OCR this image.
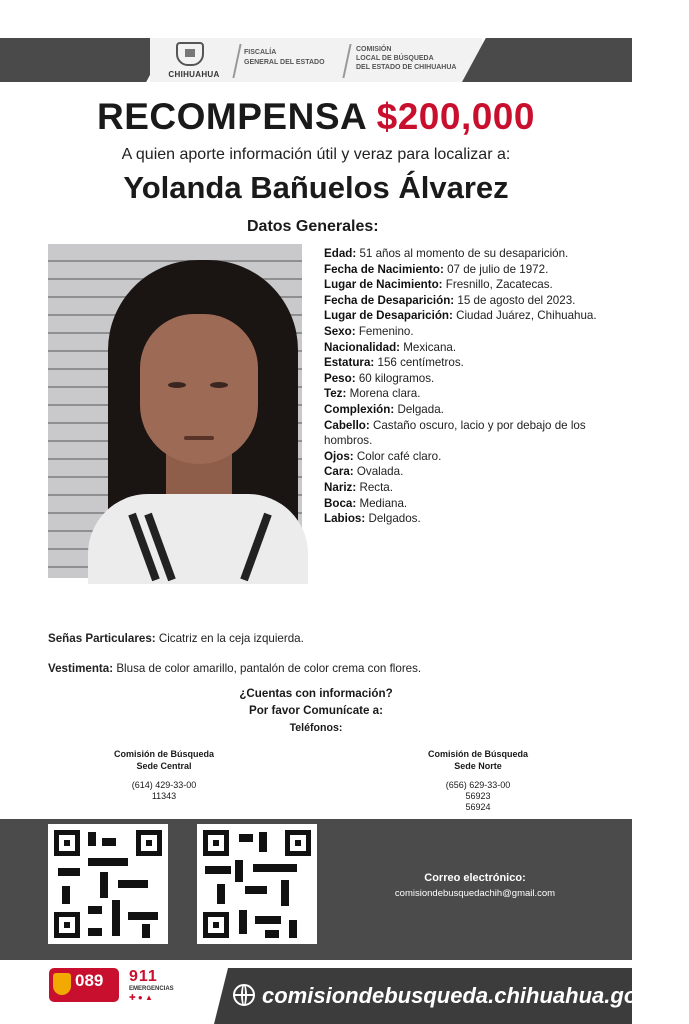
CHIHUAHUA
FISCALÍA
GENERAL DEL ESTADO
COMISIÓN
LOCAL DE BÚSQUEDA
DEL ESTADO DE CHIHUAHUA
RECOMPENSA $200,000
A quien aporte información útil y veraz para localizar a:
Yolanda Bañuelos Álvarez
Datos Generales:
Edad: 51 años al momento de su desaparición.
Fecha de Nacimiento: 07 de julio de 1972.
Lugar de Nacimiento: Fresnillo, Zacatecas.
Fecha de Desaparición: 15 de agosto del 2023.
Lugar de Desaparición: Ciudad Juárez, Chihuahua.
Sexo: Femenino.
Nacionalidad: Mexicana.
Estatura: 156 centímetros.
Peso: 60 kilogramos.
Tez: Morena clara.
Complexión: Delgada.
Cabello: Castaño oscuro, lacio y por debajo de los hombros.
Ojos: Color café claro.
Cara: Ovalada.
Nariz: Recta.
Boca: Mediana.
Labios: Delgados.
Señas Particulares: Cicatriz en la ceja izquierda.
Vestimenta: Blusa de color amarillo, pantalón de color crema con flores.
¿Cuentas con información?
Por favor Comunícate a:
Teléfonos:
Comisión de Búsqueda
Sede Central
(614) 429-33-00
11343
Comisión de Búsqueda
Sede Norte
(656) 629-33-00
56923
56924
Correo electrónico:
comisiondebusquedachih@gmail.com
089 911
EMERGENCIAS
✚ ● ▲	comisiondebusqueda.chihuahua.gob.mx
